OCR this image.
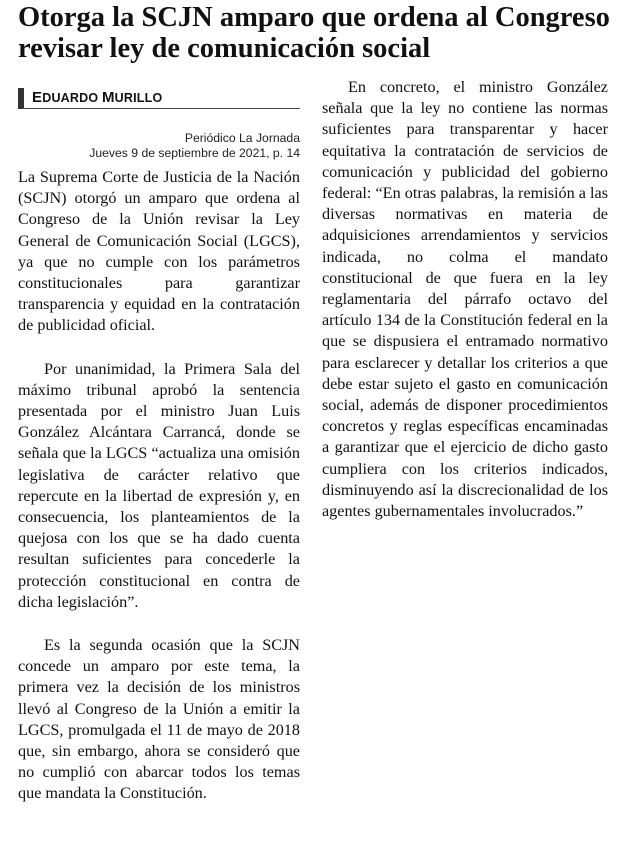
Otorga la SCJN amparo que ordena al Congreso revisar ley de comunicación social
EDUARDO MURILLO
Periódico La Jornada
Jueves 9 de septiembre de 2021, p. 14

La Suprema Corte de Justicia de la Nación (SCJN) otorgó un amparo que ordena al Congreso de la Unión revisar la Ley General de Comunicación Social (LGCS), ya que no cumple con los parámetros constitucionales para garantizar transparencia y equidad en la contratación de publicidad oficial.

Por unanimidad, la Primera Sala del máximo tribunal aprobó la sentencia presentada por el ministro Juan Luis González Alcántara Carrancá, donde se señala que la LGCS “actualiza una omisión legislativa de carácter relativo que repercute en la libertad de expresión y, en consecuencia, los planteamientos de la quejosa con los que se ha dado cuenta resultan suficientes para concederle la protección constitucional en contra de dicha legislación”.

Es la segunda ocasión que la SCJN concede un amparo por este tema, la primera vez la decisión de los ministros llevó al Congreso de la Unión a emitir la LGCS, promulgada el 11 de mayo de 2018 que, sin embargo, ahora se consideró que no cumplió con abarcar todos los temas que mandata la Constitución.

En concreto, el ministro González señala que la ley no contiene las normas suficientes para transparentar y hacer equitativa la contratación de servicios de comunicación y publicidad del gobierno federal: “En otras palabras, la remisión a las diversas normativas en materia de adquisiciones arrendamientos y servicios indicada, no colma el mandato constitucional de que fuera en la ley reglamentaria del párrafo octavo del artículo 134 de la Constitución federal en la que se dispusiera el entramado normativo para esclarecer y detallar los criterios a que debe estar sujeto el gasto en comunicación social, además de disponer procedimientos concretos y reglas específicas encaminadas a garantizar que el ejercicio de dicho gasto cumpliera con los criterios indicados, disminuyendo así la discrecionalidad de los agentes gubernamentales involucrados.”
